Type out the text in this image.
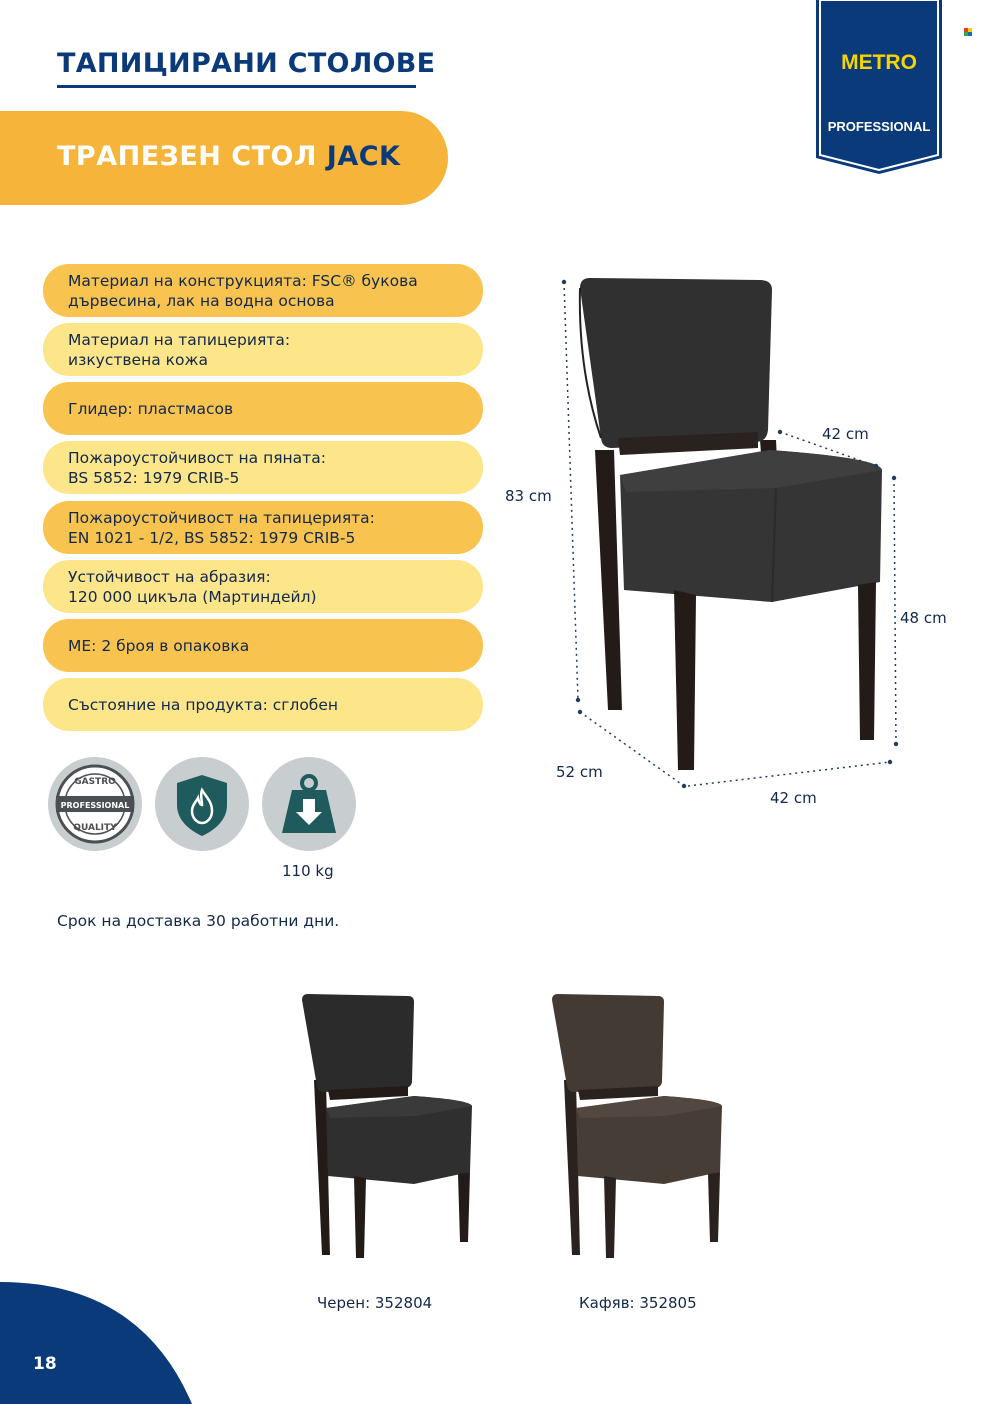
ТАПИЦИРАНИ СТОЛОВЕ
ТРАПЕЗЕН СТОЛ JACK
METRO
PROFESSIONAL
Материал на конструкцията: FSC® букова
дървесина, лак на водна основа
Материал на тапицерията:
изкуствена кожа
Глидер: пластмасов
Пожароустойчивост на пяната:
BS 5852: 1979 CRIB-5
Пожароустойчивост на тапицерията:
EN 1021 - 1/2, BS 5852: 1979 CRIB-5
Устойчивост на абразия:
120 000 цикъла (Мартиндейл)
МЕ: 2 броя в опаковка
Състояние на продукта: сглобен
GASTRO
PROFESSIONAL
QUALITY
110 kg
Срок на доставка 30 работни дни.
83 cm
42 cm
48 cm
52 cm
42 cm
Черен: 352804	Кафяв: 352805
18
